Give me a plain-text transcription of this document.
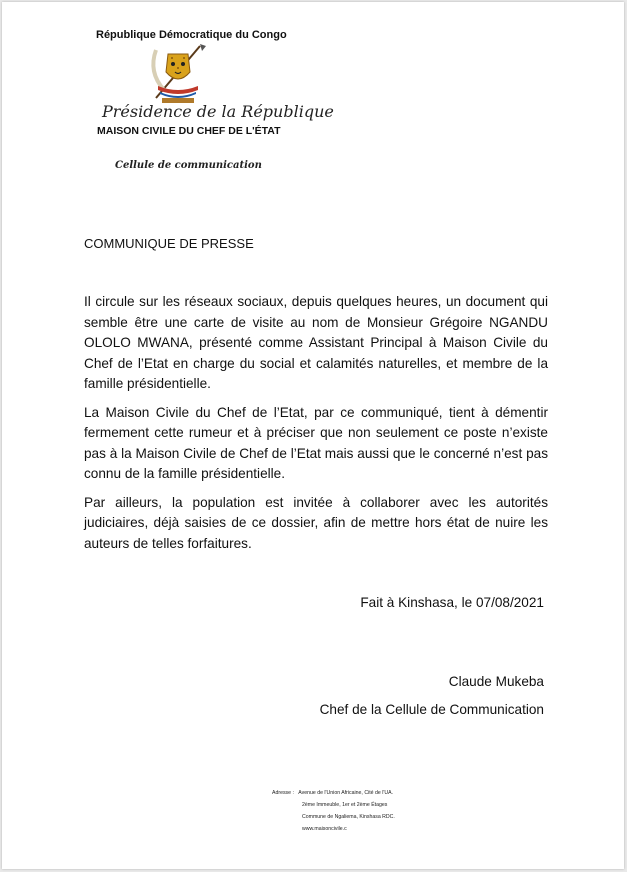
République Démocratique du Congo
Présidence de la République
MAISON CIVILE DU CHEF DE L'ÉTAT
Cellule de communication
COMMUNIQUE DE PRESSE

Il circule sur les réseaux sociaux, depuis quelques heures, un document qui semble être une carte de visite au nom de Monsieur Grégoire NGANDU OLOLO MWANA, présenté comme Assistant Principal à Maison Civile du Chef de l’Etat en charge du social et calamités naturelles, et membre de la famille présidentielle.

La Maison Civile du Chef de l’Etat, par ce communiqué, tient à démentir fermement cette rumeur et à préciser que non seulement ce poste n’existe pas à la Maison Civile de Chef de l’Etat mais aussi que le concerné n’est pas connu de la famille présidentielle.

Par ailleurs, la population est invitée à collaborer avec les autorités judiciaires, déjà saisies de ce dossier, afin de mettre hors état de nuire les auteurs de telles forfaitures.

Fait à Kinshasa, le 07/08/2021
Claude Mukeba
Chef de la Cellule de Communication
Adresse : Avenue de l'Union Africaine, Cité de l'UA.
2ème Immeuble, 1er et 2ème Étages
Commune de Ngaliema, Kinshasa RDC.
www.maisoncivile.c
